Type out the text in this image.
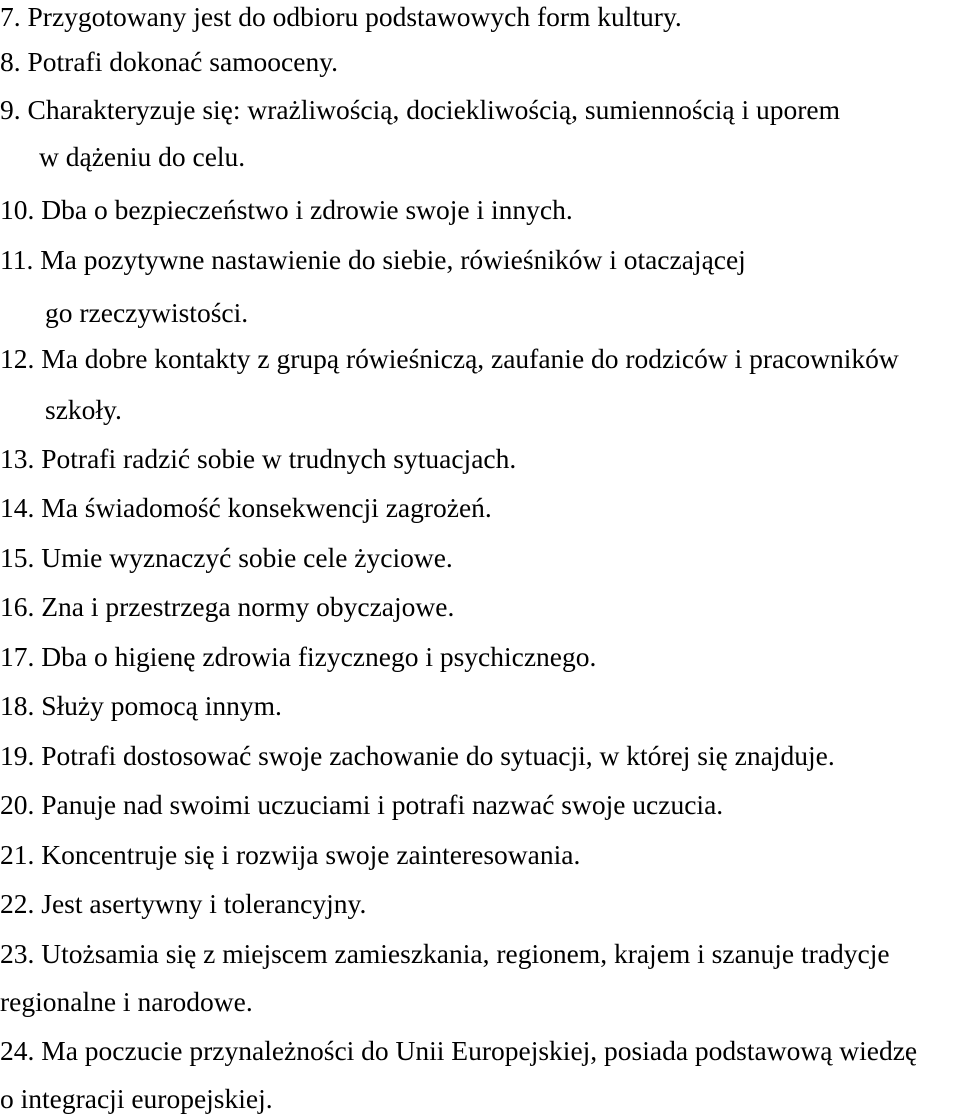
7. Przygotowany jest do odbioru podstawowych form kultury.
8. Potrafi dokonać samooceny.
9. Charakteryzuje się: wrażliwością, dociekliwością, sumiennością i uporem
w dążeniu do celu.
10. Dba o bezpieczeństwo i zdrowie swoje i innych.
11. Ma pozytywne nastawienie do siebie, rówieśników i otaczającej
go rzeczywistości.
12. Ma dobre kontakty z grupą rówieśniczą, zaufanie do rodziców i pracowników
szkoły.
13. Potrafi radzić sobie w trudnych sytuacjach.
14. Ma świadomość konsekwencji zagrożeń.
15. Umie wyznaczyć sobie cele życiowe.
16. Zna i przestrzega normy obyczajowe.
17. Dba o higienę zdrowia fizycznego i psychicznego.
18. Służy pomocą innym.
19. Potrafi dostosować swoje zachowanie do sytuacji, w której się znajduje.
20. Panuje nad swoimi uczuciami i potrafi nazwać swoje uczucia.
21. Koncentruje się i rozwija swoje zainteresowania.
22. Jest asertywny i tolerancyjny.
23. Utożsamia się z miejscem zamieszkania, regionem, krajem i szanuje tradycje
regionalne i narodowe.
24. Ma poczucie przynależności do Unii Europejskiej, posiada podstawową wiedzę
o integracji europejskiej.
